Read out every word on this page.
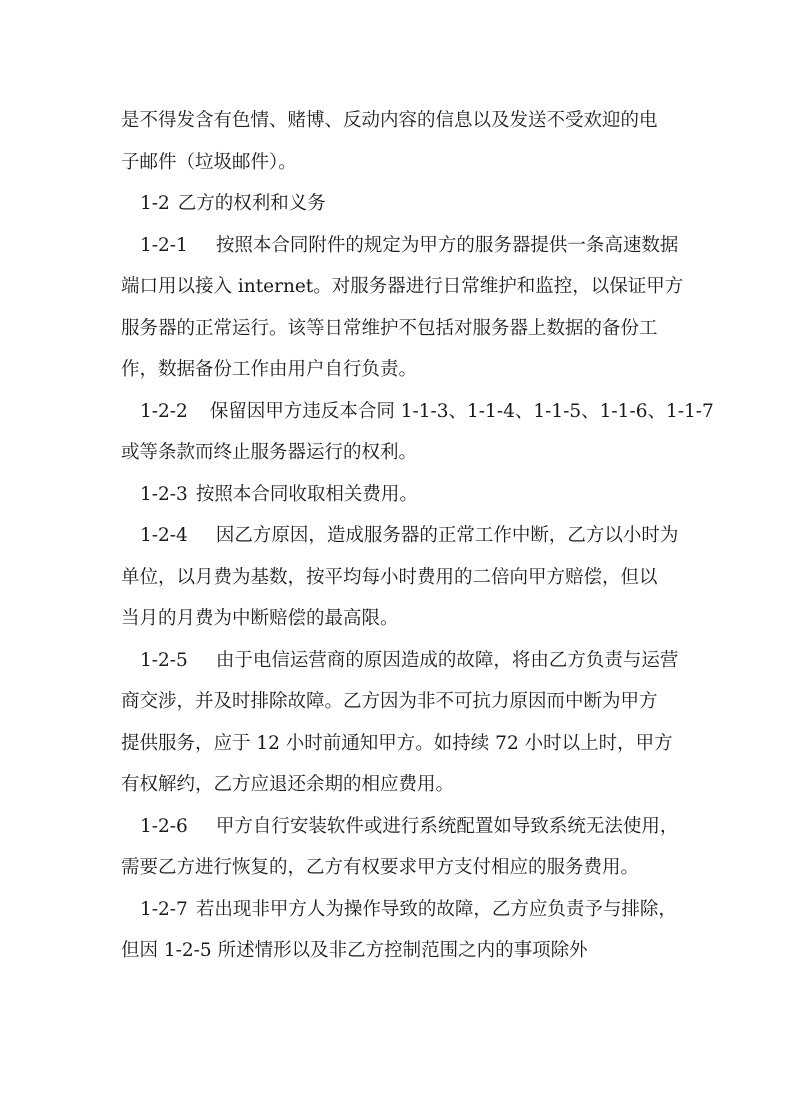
是不得发含有色情、赌博、反动内容的信息以及发送不受欢迎的电
子邮件（垃圾邮件）。
1-2 乙方的权利和义务
1-2-1 按照本合同附件的规定为甲方的服务器提供一条高速数据
端口用以接入 internet。对服务器进行日常维护和监控，以保证甲方
服务器的正常运行。该等日常维护不包括对服务器上数据的备份工
作，数据备份工作由用户自行负责。
1-2-2 保留因甲方违反本合同 1-1-3、1-1-4、1-1-5、1-1-6、1-1-7
或等条款而终止服务器运行的权利。
1-2-3 按照本合同收取相关费用。
1-2-4 因乙方原因，造成服务器的正常工作中断，乙方以小时为
单位，以月费为基数，按平均每小时费用的二倍向甲方赔偿，但以
当月的月费为中断赔偿的最高限。
1-2-5 由于电信运营商的原因造成的故障，将由乙方负责与运营
商交涉，并及时排除故障。乙方因为非不可抗力原因而中断为甲方
提供服务，应于 12 小时前通知甲方。如持续 72 小时以上时，甲方
有权解约，乙方应退还余期的相应费用。
1-2-6 甲方自行安装软件或进行系统配置如导致系统无法使用，
需要乙方进行恢复的，乙方有权要求甲方支付相应的服务费用。
1-2-7 若出现非甲方人为操作导致的故障，乙方应负责予与排除，
但因 1-2-5 所述情形以及非乙方控制范围之内的事项除外
